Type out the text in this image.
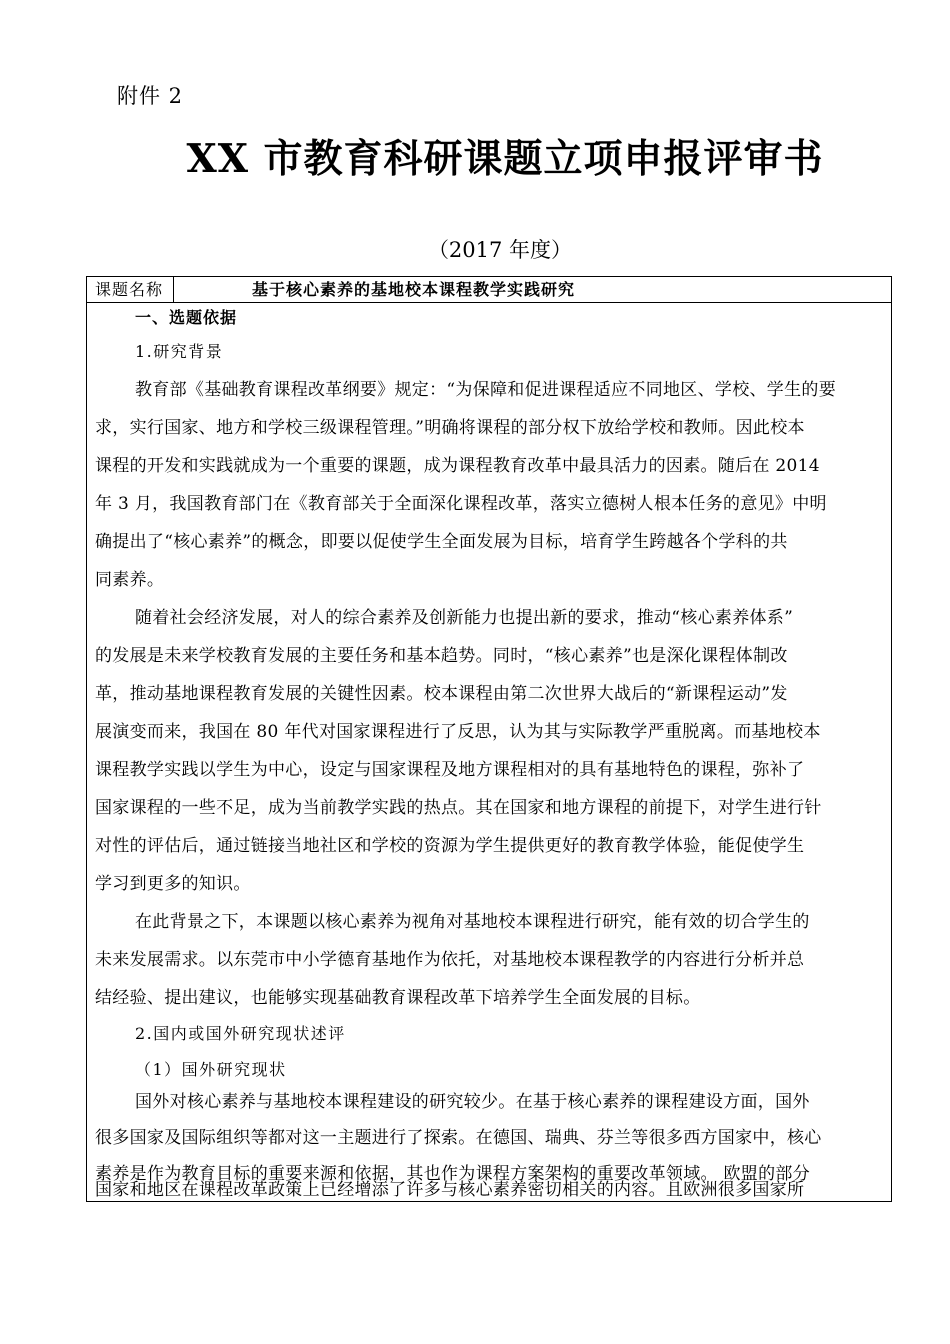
附件 2
XX 市教育科研课题立项申报评审书
（2017 年度）
课题名称	基于核心素养的基地校本课程教学实践研究
一、选题依据
1.研究背景
教育部《基础教育课程改革纲要》规定：“为保障和促进课程适应不同地区、学校、学生的要
求，实行国家、地方和学校三级课程管理。”明确将课程的部分权下放给学校和教师。因此校本
课程的开发和实践就成为一个重要的课题，成为课程教育改革中最具活力的因素。随后在 2014
年 3 月，我国教育部门在《教育部关于全面深化课程改革，落实立德树人根本任务的意见》中明
确提出了“核心素养”的概念，即要以促使学生全面发展为目标，培育学生跨越各个学科的共
同素养。
随着社会经济发展，对人的综合素养及创新能力也提出新的要求，推动“核心素养体系”
的发展是未来学校教育发展的主要任务和基本趋势。同时，“核心素养”也是深化课程体制改
革，推动基地课程教育发展的关键性因素。校本课程由第二次世界大战后的“新课程运动”发
展演变而来，我国在 80 年代对国家课程进行了反思，认为其与实际教学严重脱离。而基地校本
课程教学实践以学生为中心，设定与国家课程及地方课程相对的具有基地特色的课程，弥补了
国家课程的一些不足，成为当前教学实践的热点。其在国家和地方课程的前提下，对学生进行针
对性的评估后，通过链接当地社区和学校的资源为学生提供更好的教育教学体验，能促使学生
学习到更多的知识。
在此背景之下，本课题以核心素养为视角对基地校本课程进行研究，能有效的切合学生的
未来发展需求。以东莞市中小学德育基地作为依托，对基地校本课程教学的内容进行分析并总
结经验、提出建议，也能够实现基础教育课程改革下培养学生全面发展的目标。
2.国内或国外研究现状述评
（1）国外研究现状
国外对核心素养与基地校本课程建设的研究较少。在基于核心素养的课程建设方面，国外
很多国家及国际组织等都对这一主题进行了探索。在德国、瑞典、芬兰等很多西方国家中，核心
素养是作为教育目标的重要来源和依据，其也作为课程方案架构的重要改革领域。 欧盟的部分
国家和地区在课程改革政策上已经增添了许多与核心素养密切相关的内容。且欧洲很多国家所
